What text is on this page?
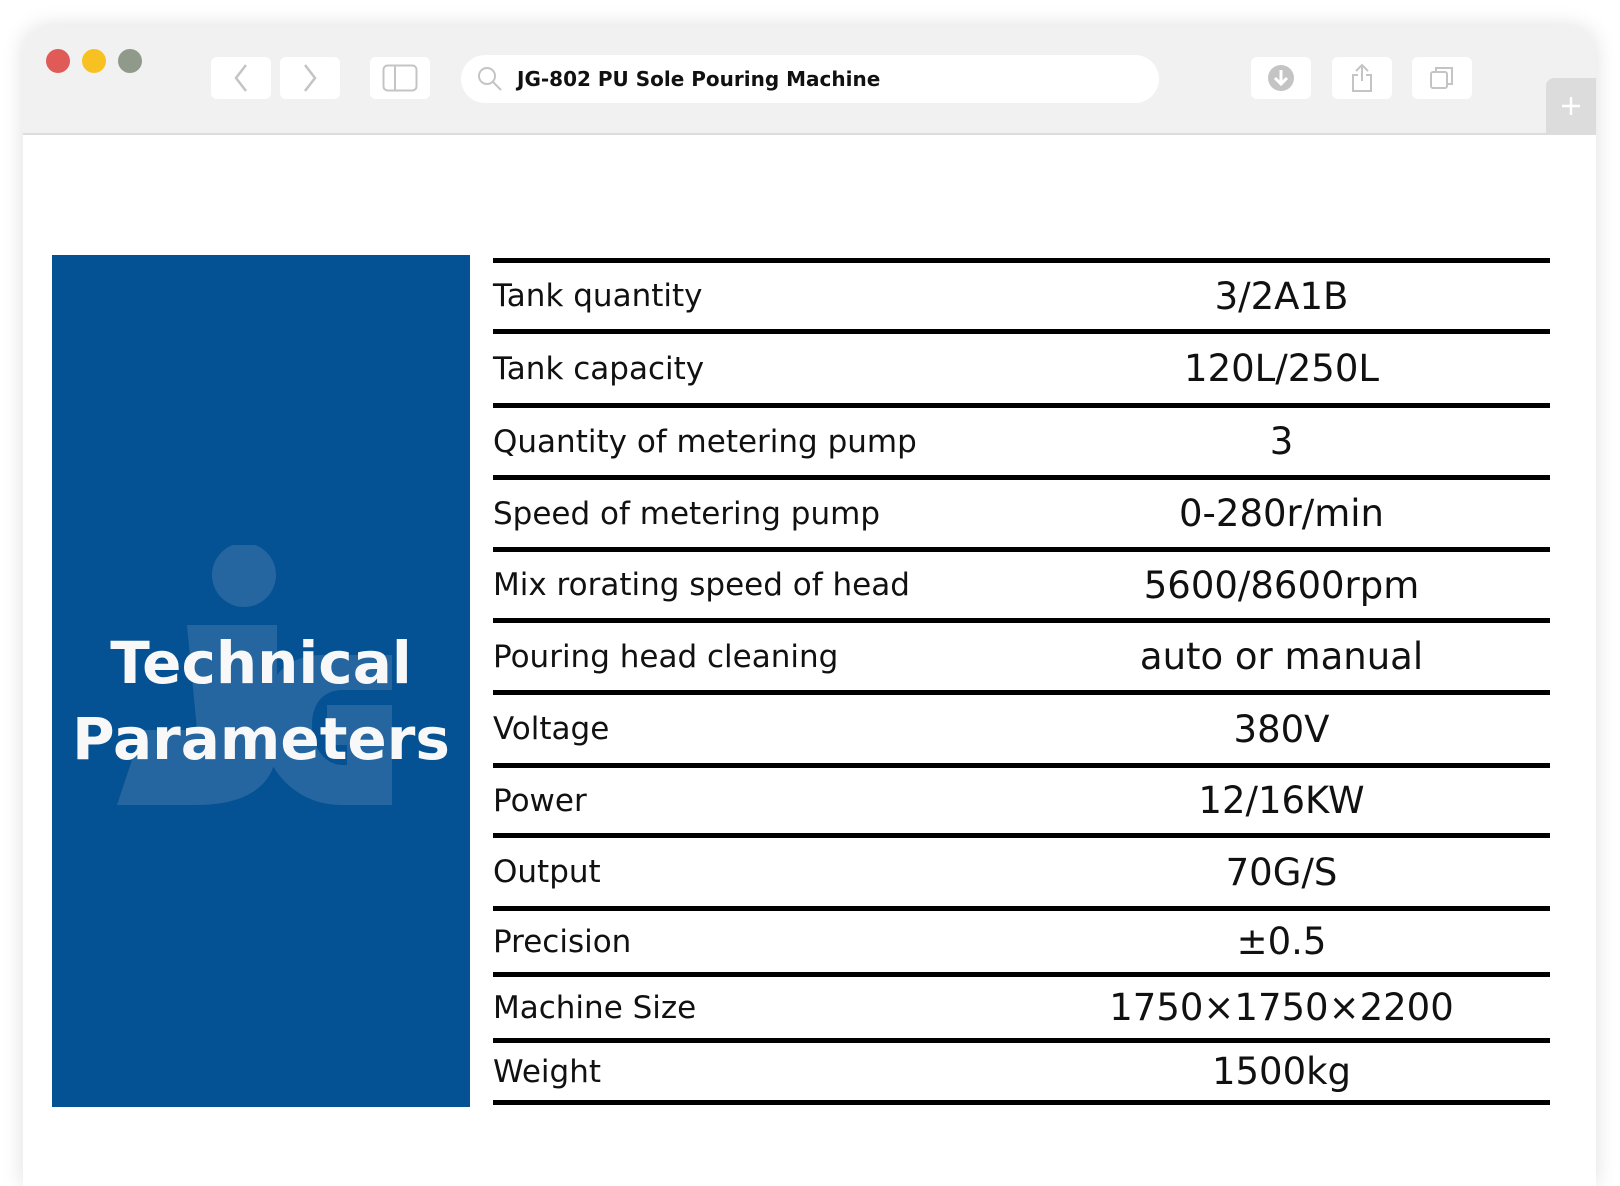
JG-802 PU Sole Pouring Machine
Technical
Parameters
Tank quantity	3/2A1B
Tank capacity	120L/250L
Quantity of metering pump	3
Speed of metering pump	0-280r/min
Mix rorating speed of head	5600/8600rpm
Pouring head cleaning	auto or manual
Voltage	380V
Power	12/16KW
Output	70G/S
Precision	±0.5
Machine Size	1750×1750×2200
Weight	1500kg
